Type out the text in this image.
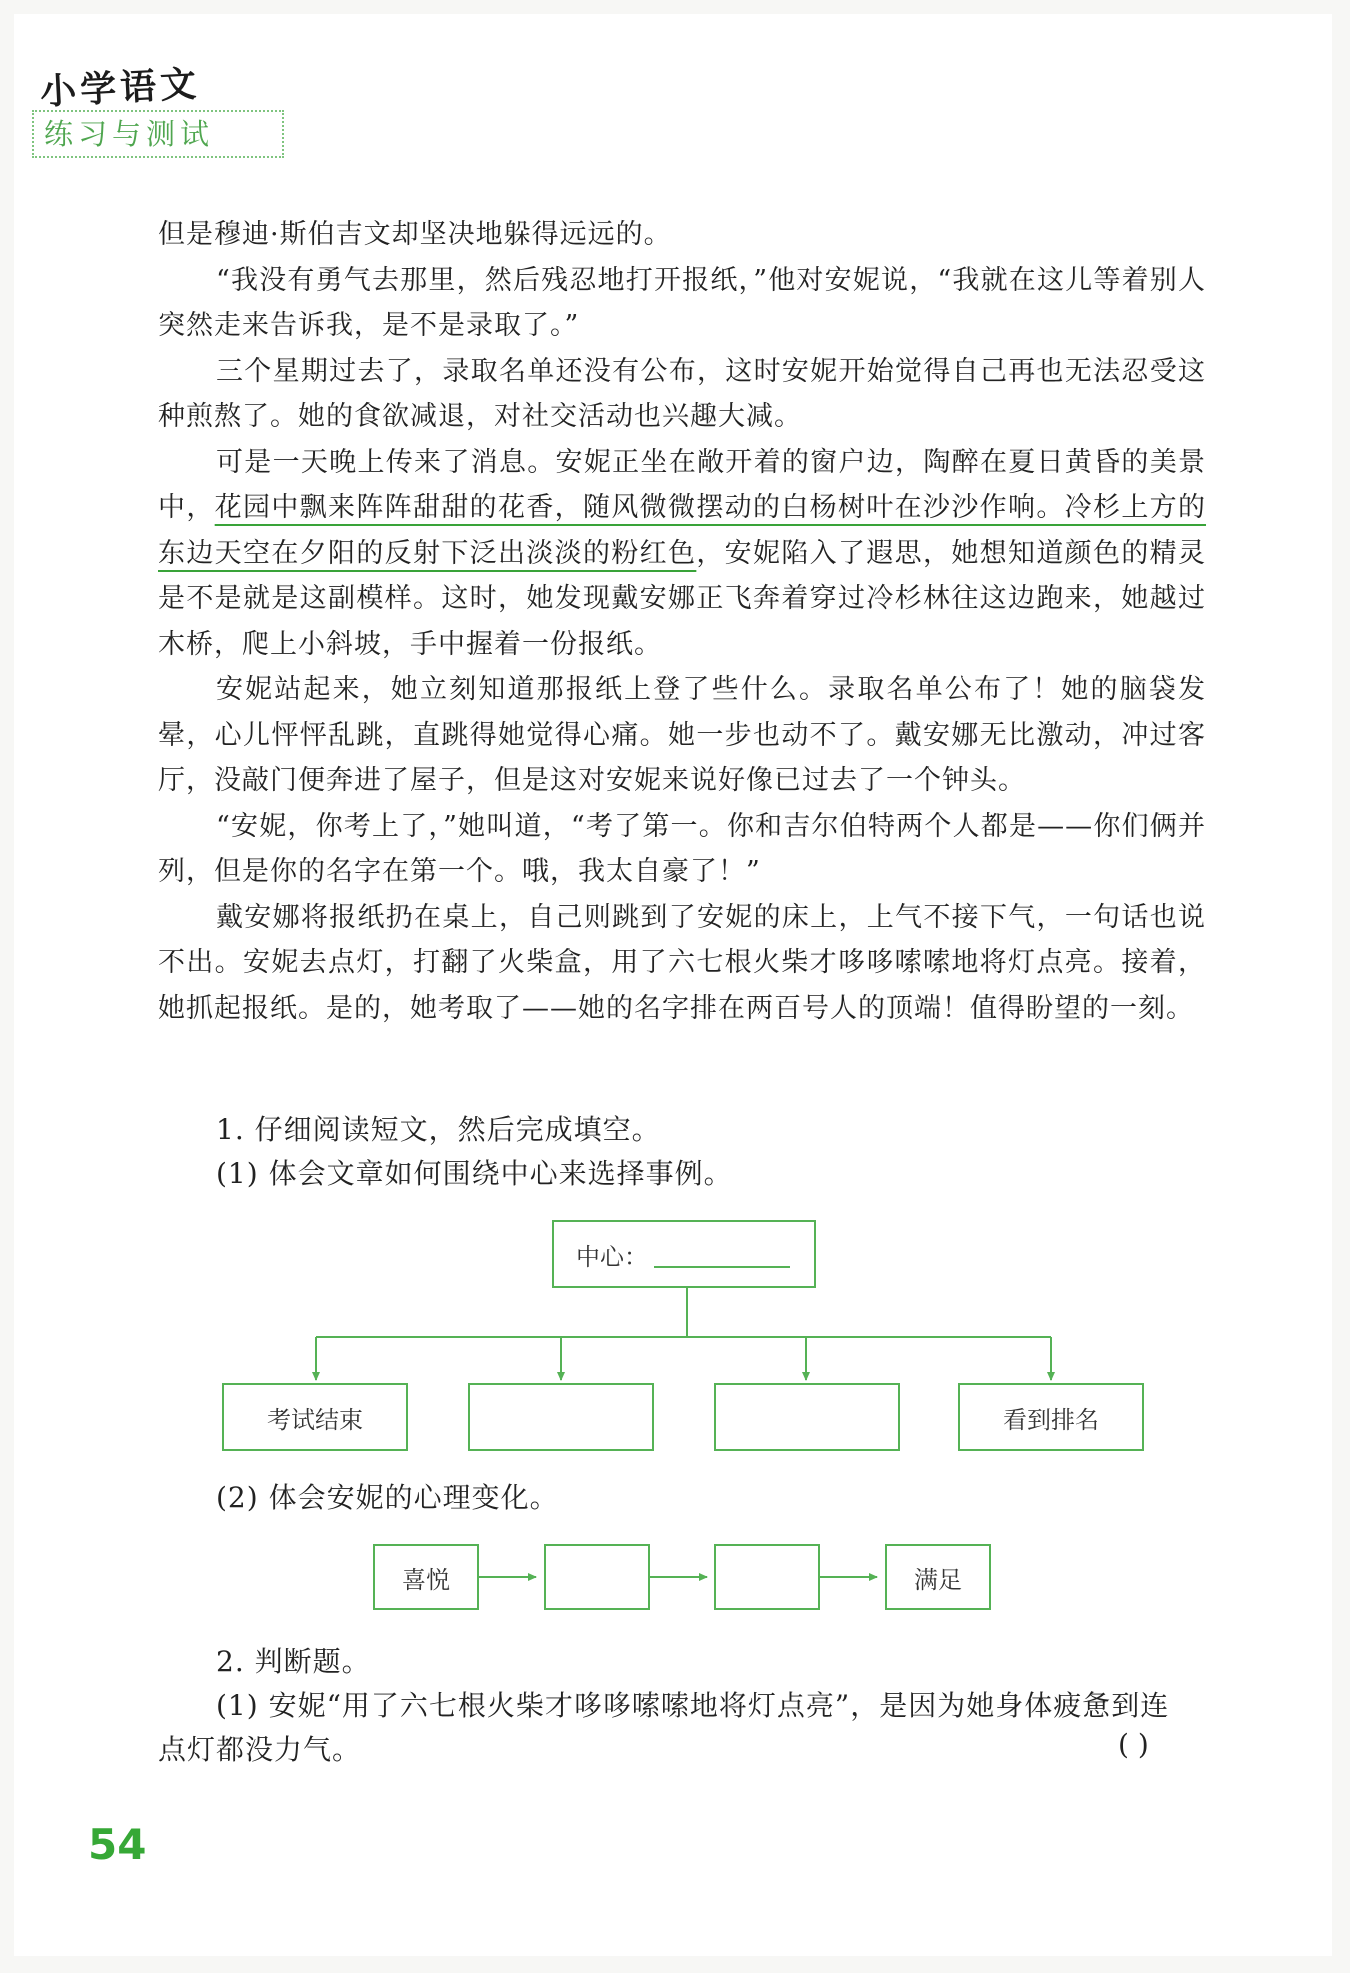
小学语文
练习与测试

但是穆迪·斯伯吉文却坚决地躲得远远的。

“我没有勇气去那里，然后残忍地打开报纸，”他对安妮说，“我就在这儿等着别人突然走来告诉我，是不是录取了。”

三个星期过去了，录取名单还没有公布，这时安妮开始觉得自己再也无法忍受这种煎熬了。她的食欲减退，对社交活动也兴趣大减。

可是一天晚上传来了消息。安妮正坐在敞开着的窗户边，陶醉在夏日黄昏的美景中，花园中飘来阵阵甜甜的花香，随风微微摆动的白杨树叶在沙沙作响。冷杉上方的东边天空在夕阳的反射下泛出淡淡的粉红色，安妮陷入了遐思，她想知道颜色的精灵是不是就是这副模样。这时，她发现戴安娜正飞奔着穿过冷杉林往这边跑来，她越过木桥，爬上小斜坡，手中握着一份报纸。

安妮站起来，她立刻知道那报纸上登了些什么。录取名单公布了！她的脑袋发晕，心儿怦怦乱跳，直跳得她觉得心痛。她一步也动不了。戴安娜无比激动，冲过客厅，没敲门便奔进了屋子，但是这对安妮来说好像已过去了一个钟头。

“安妮，你考上了，”她叫道，“考了第一。你和吉尔伯特两个人都是——你们俩并列，但是你的名字在第一个。哦，我太自豪了！”

戴安娜将报纸扔在桌上，自己则跳到了安妮的床上，上气不接下气，一句话也说不出。安妮去点灯，打翻了火柴盒，用了六七根火柴才哆哆嗦嗦地将灯点亮。接着，她抓起报纸。是的，她考取了——她的名字排在两百号人的顶端！值得盼望的一刻。

1. 仔细阅读短文，然后完成填空。

(1) 体会文章如何围绕中心来选择事例。

中心：
考试结束	看到排名

(2) 体会安妮的心理变化。

喜悦	满足

2. 判断题。

(1) 安妮“用了六七根火柴才哆哆嗦嗦地将灯点亮”，是因为她身体疲惫到连

点灯都没力气。	( )
54
